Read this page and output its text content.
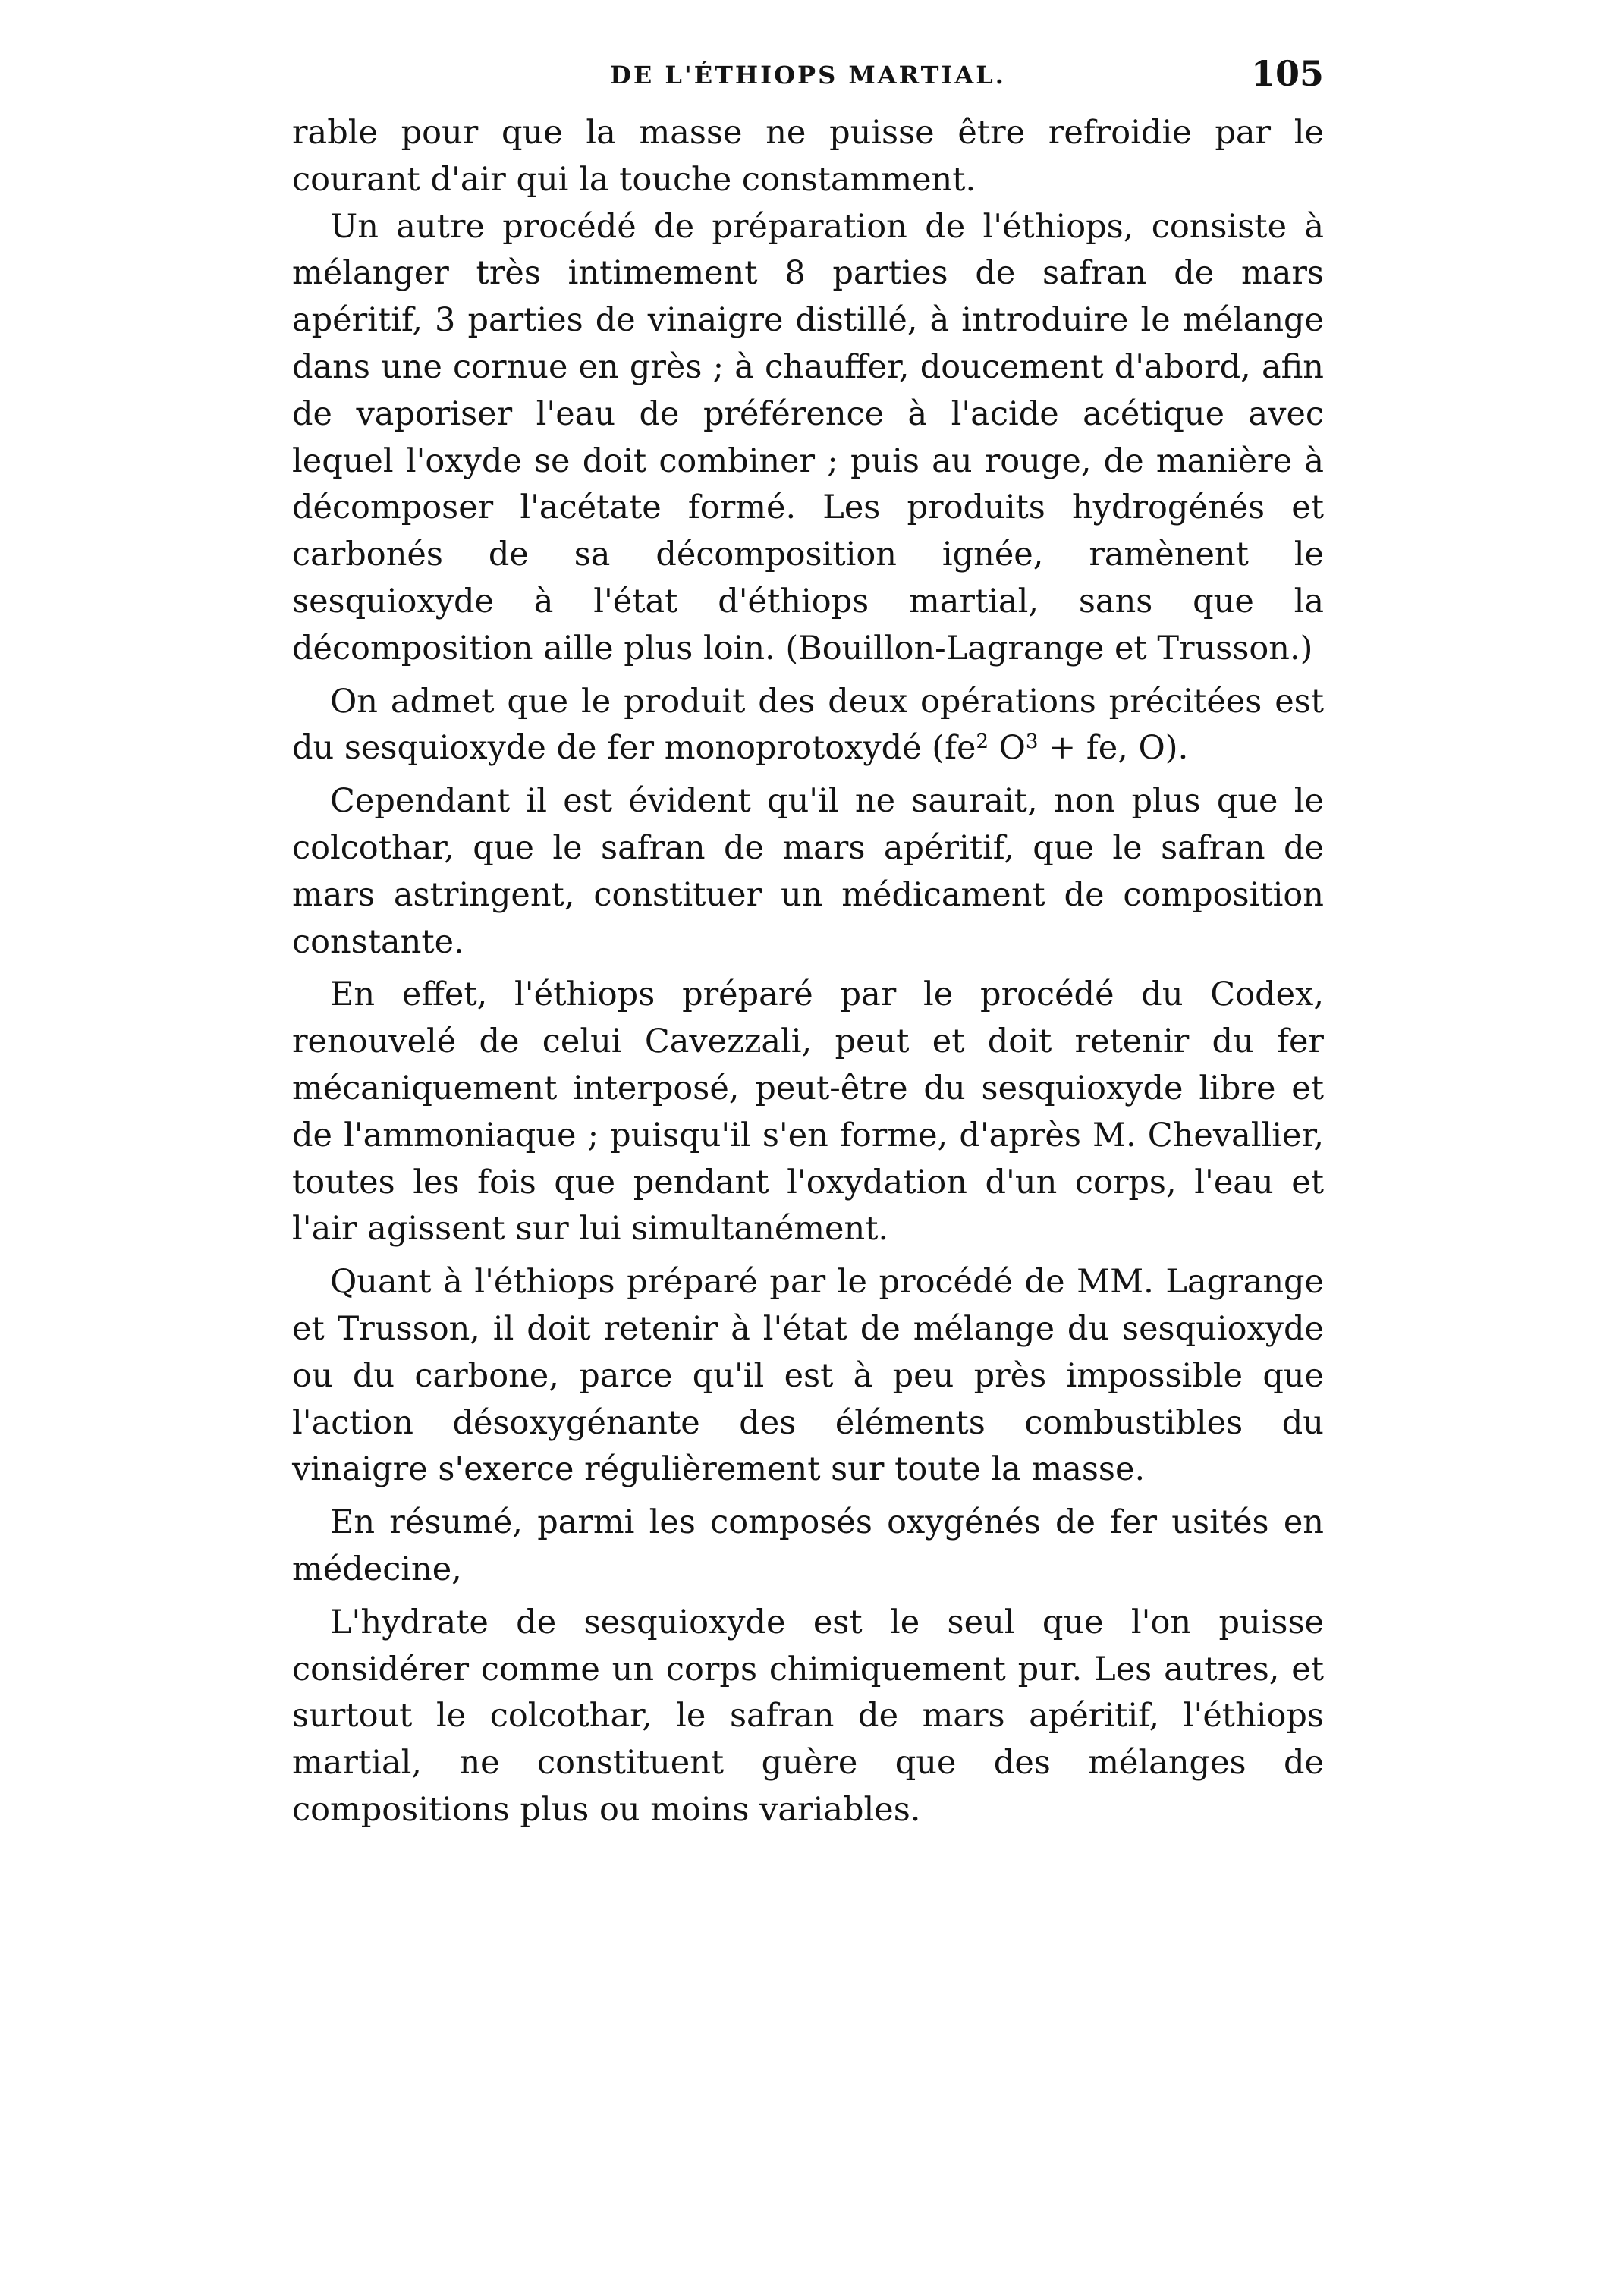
DE L'ÉTHIOPS MARTIAL.	105

rable pour que la masse ne puisse être refroidie par le courant d'air qui la touche constamment.

Un autre procédé de préparation de l'éthiops, consiste à mélanger très intimement 8 parties de safran de mars apéritif, 3 parties de vinaigre distillé, à introduire le mélange dans une cornue en grès ; à chauffer, doucement d'abord, afin de vaporiser l'eau de préférence à l'acide acétique avec lequel l'oxyde se doit combiner ; puis au rouge, de manière à décomposer l'acétate formé. Les produits hydrogénés et carbonés de sa décomposition ignée, ramènent le sesquioxyde à l'état d'éthiops martial, sans que la décomposition aille plus loin. (Bouillon-Lagrange et Trusson.)

On admet que le produit des deux opérations précitées est du sesquioxyde de fer monoprotoxydé ($fe^2$ $O^3$ + fe, O).

Cependant il est évident qu'il ne saurait, non plus que le colcothar, que le safran de mars apéritif, que le safran de mars astringent, constituer un médicament de composition constante.

En effet, l'éthiops préparé par le procédé du Codex, renouvelé de celui Cavezzali, peut et doit retenir du fer mécaniquement interposé, peut-être du sesquioxyde libre et de l'ammoniaque ; puisqu'il s'en forme, d'après M. Chevallier, toutes les fois que pendant l'oxydation d'un corps, l'eau et l'air agissent sur lui simultanément.

Quant à l'éthiops préparé par le procédé de MM. Lagrange et Trusson, il doit retenir à l'état de mélange du sesquioxyde ou du carbone, parce qu'il est à peu près impossible que l'action désoxygénante des éléments combustibles du vinaigre s'exerce régulièrement sur toute la masse.

En résumé, parmi les composés oxygénés de fer usités en médecine,

L'hydrate de sesquioxyde est le seul que l'on puisse considérer comme un corps chimiquement pur. Les autres, et surtout le colcothar, le safran de mars apéritif, l'éthiops martial, ne constituent guère que des mélanges de compositions plus ou moins variables.
